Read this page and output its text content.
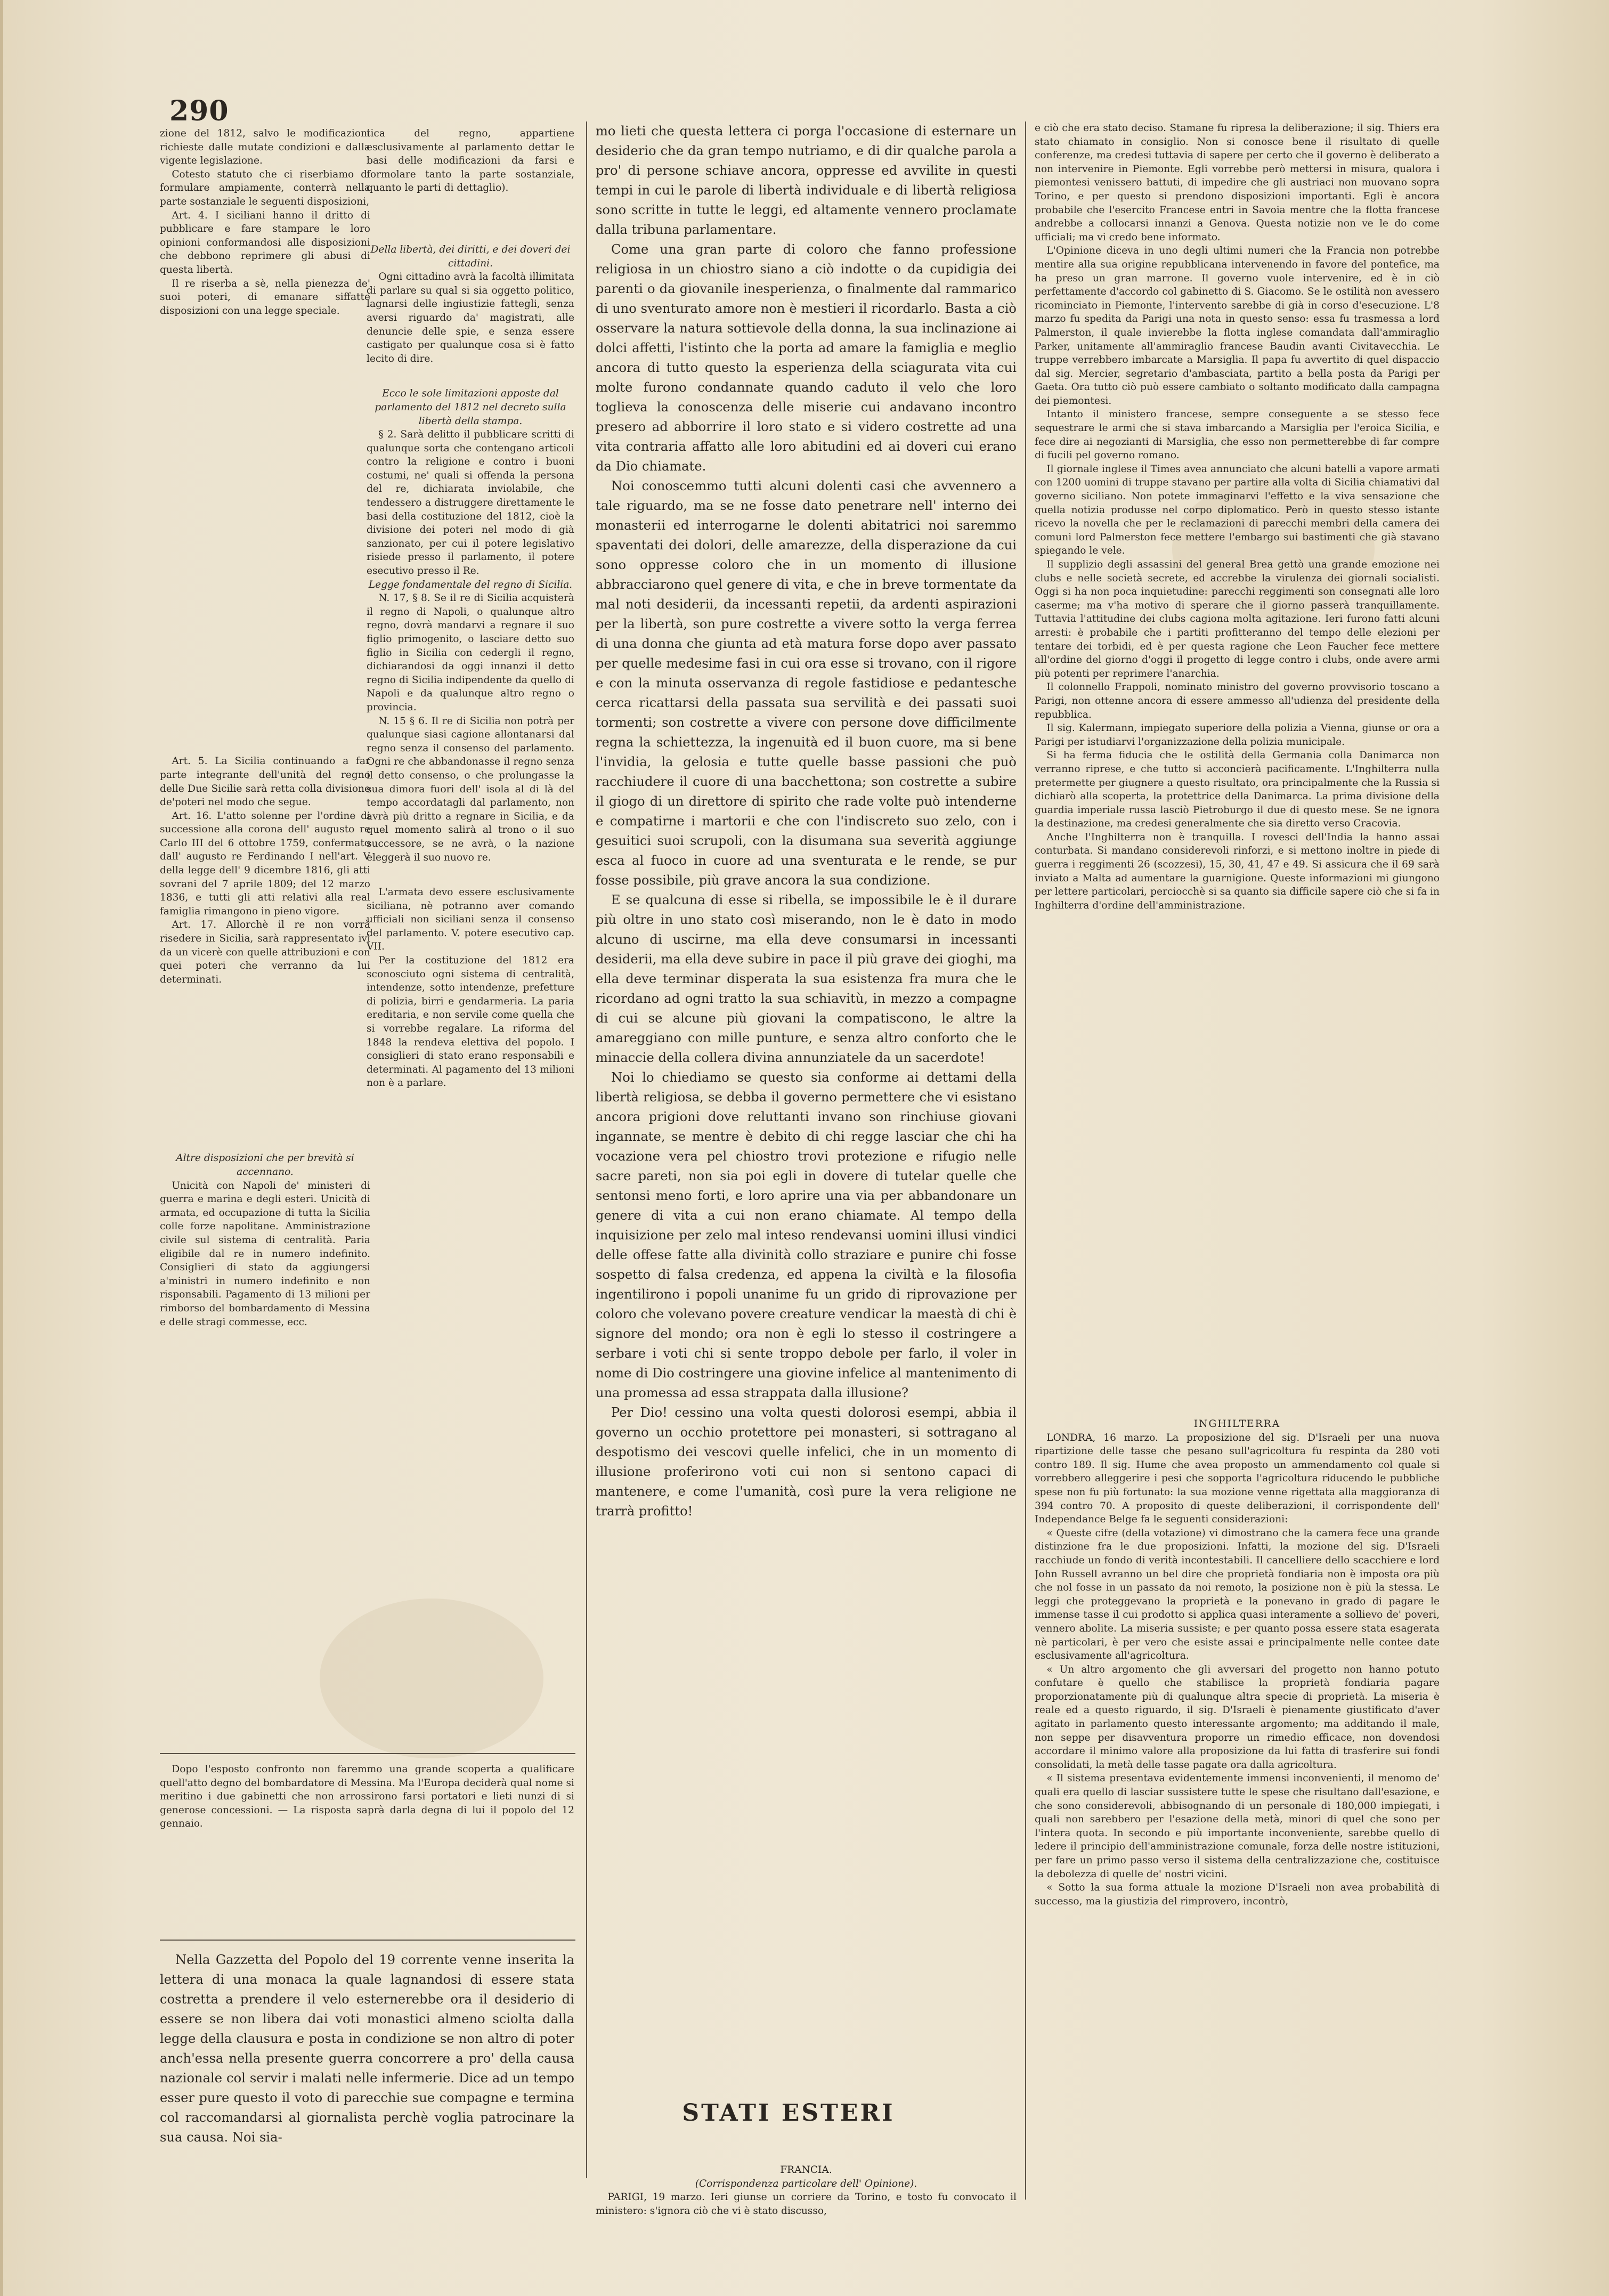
290

zione del 1812, salvo le modificazioni richieste dalle mutate condizioni e dalla vigente legislazione.

Cotesto statuto che ci riserbiamo di formulare ampiamente, conterrà nella parte sostanziale le seguenti disposizioni,

Art. 4. I siciliani hanno il dritto di pubblicare e fare stampare le loro opinioni conformandosi alle disposizioni che debbono reprimere gli abusi di questa libertà.

Il re riserba a sè, nella pienezza de' suoi poteri, di emanare siffatte disposizioni con una legge speciale.

Art. 5. La Sicilia continuando a far parte integrante dell'unità del regno delle Due Sicilie sarà retta colla divisione de'poteri nel modo che segue.

Art. 16. L'atto solenne per l'ordine di successione alla corona dell' augusto re Carlo III del 6 ottobre 1759, confermato dall' augusto re Ferdinando I nell'art. V della legge dell' 9 dicembre 1816, gli atti sovrani del 7 aprile 1809; del 12 marzo 1836, e tutti gli atti relativi alla real famiglia rimangono in pieno vigore.

Art. 17. Allorchè il re non vorrà risedere in Sicilia, sarà rappresentato ivi da un vicerè con quelle attribuzioni e con quei poteri che verranno da lui determinati.

Altre disposizioni che per brevità si accennano.

Unicità con Napoli de' ministeri di guerra e marina e degli esteri. Unicità di armata, ed occupazione di tutta la Sicilia colle forze napolitane. Amministrazione civile sul sistema di centralità. Paria eligibile dal re in numero indefinito. Consiglieri di stato da aggiungersi a'ministri in numero indefinito e non risponsabili. Pagamento di 13 milioni per rimborso del bombardamento di Messina e delle stragi commesse, ecc.

tica del regno, appartiene esclusivamente al parlamento dettar le basi delle modificazioni da farsi e formolare tanto la parte sostanziale, quanto le parti di dettaglio).

Della libertà, dei diritti, e dei doveri dei cittadini.

Ogni cittadino avrà la facoltà illimitata di parlare su qual si sia oggetto politico, lagnarsi delle ingiustizie fattegli, senza aversi riguardo da' magistrati, alle denuncie delle spie, e senza essere castigato per qualunque cosa si è fatto lecito di dire.

Ecco le sole limitazioni apposte dal parlamento del 1812 nel decreto sulla libertà della stampa.

§ 2. Sarà delitto il pubblicare scritti di qualunque sorta che contengano articoli contro la religione e contro i buoni costumi, ne' quali si offenda la persona del re, dichiarata inviolabile, che tendessero a distruggere direttamente le basi della costituzione del 1812, cioè la divisione dei poteri nel modo di già sanzionato, per cui il potere legislativo risiede presso il parlamento, il potere esecutivo presso il Re.

Legge fondamentale del regno di Sicilia.

N. 17, § 8. Se il re di Sicilia acquisterà il regno di Napoli, o qualunque altro regno, dovrà mandarvi a regnare il suo figlio primogenito, o lasciare detto suo figlio in Sicilia con cedergli il regno, dichiarandosi da oggi innanzi il detto regno di Sicilia indipendente da quello di Napoli e da qualunque altro regno o provincia.

N. 15 § 6. Il re di Sicilia non potrà per qualunque siasi cagione allontanarsi dal regno senza il consenso del parlamento. Ogni re che abbandonasse il regno senza il detto consenso, o che prolungasse la sua dimora fuori dell' isola al di là del tempo accordatagli dal parlamento, non avrà più dritto a regnare in Sicilia, e da quel momento salirà al trono o il suo successore, se ne avrà, o la nazione eleggerà il suo nuovo re.

L'armata devo essere esclusivamente siciliana, nè potranno aver comando ufficiali non siciliani senza il consenso del parlamento. V. potere esecutivo cap. VII.

Per la costituzione del 1812 era sconosciuto ogni sistema di centralità, intendenze, sotto intendenze, prefetture di polizia, birri e gendarmeria. La paria ereditaria, e non servile come quella che si vorrebbe regalare. La riforma del 1848 la rendeva elettiva del popolo. I consiglieri di stato erano responsabili e determinati. Al pagamento del 13 milioni non è a parlare.

Dopo l'esposto confronto non faremmo una grande scoperta a qualificare quell'atto degno del bombardatore di Messina. Ma l'Europa deciderà qual nome si meritino i due gabinetti che non arrossirono farsi portatori e lieti nunzi di si generose concessioni. — La risposta saprà darla degna di lui il popolo del 12 gennaio.

Nella Gazzetta del Popolo del 19 corrente venne inserita la lettera di una monaca la quale lagnandosi di essere stata costretta a prendere il velo esternerebbe ora il desiderio di essere se non libera dai voti monastici almeno sciolta dalla legge della clausura e posta in condizione se non altro di poter anch'essa nella presente guerra concorrere a pro' della causa nazionale col servir i malati nelle infermerie. Dice ad un tempo esser pure questo il voto di parecchie sue compagne e termina col raccomandarsi al giornalista perchè voglia patrocinare la sua causa. Noi sia-

mo lieti che questa lettera ci porga l'occasione di esternare un desiderio che da gran tempo nutriamo, e di dir qualche parola a pro' di persone schiave ancora, oppresse ed avvilite in questi tempi in cui le parole di libertà individuale e di libertà religiosa sono scritte in tutte le leggi, ed altamente vennero proclamate dalla tribuna parlamentare.

Come una gran parte di coloro che fanno professione religiosa in un chiostro siano a ciò indotte o da cupidigia dei parenti o da giovanile inesperienza, o finalmente dal rammarico di uno sventurato amore non è mestieri il ricordarlo. Basta a ciò osservare la natura sottievole della donna, la sua inclinazione ai dolci affetti, l'istinto che la porta ad amare la famiglia e meglio ancora di tutto questo la esperienza della sciagurata vita cui molte furono condannate quando caduto il velo che loro toglieva la conoscenza delle miserie cui andavano incontro presero ad abborrire il loro stato e si videro costrette ad una vita contraria affatto alle loro abitudini ed ai doveri cui erano da Dio chiamate.

Noi conoscemmo tutti alcuni dolenti casi che avvennero a tale riguardo, ma se ne fosse dato penetrare nell' interno dei monasterii ed interrogarne le dolenti abitatrici noi saremmo spaventati dei dolori, delle amarezze, della disperazione da cui sono oppresse coloro che in un momento di illusione abbracciarono quel genere di vita, e che in breve tormentate da mal noti desiderii, da incessanti repetii, da ardenti aspirazioni per la libertà, son pure costrette a vivere sotto la verga ferrea di una donna che giunta ad età matura forse dopo aver passato per quelle medesime fasi in cui ora esse si trovano, con il rigore e con la minuta osservanza di regole fastidiose e pedantesche cerca ricattarsi della passata sua servilità e dei passati suoi tormenti; son costrette a vivere con persone dove difficilmente regna la schiettezza, la ingenuità ed il buon cuore, ma si bene l'invidia, la gelosia e tutte quelle basse passioni che può racchiudere il cuore di una bacchettona; son costrette a subire il giogo di un direttore di spirito che rade volte può intenderne e compatirne i martorii e che con l'indiscreto suo zelo, con i gesuitici suoi scrupoli, con la disumana sua severità aggiunge esca al fuoco in cuore ad una sventurata e le rende, se pur fosse possibile, più grave ancora la sua condizione.

E se qualcuna di esse si ribella, se impossibile le è il durare più oltre in uno stato così miserando, non le è dato in modo alcuno di uscirne, ma ella deve consumarsi in incessanti desiderii, ma ella deve subire in pace il più grave dei gioghi, ma ella deve terminar disperata la sua esistenza fra mura che le ricordano ad ogni tratto la sua schiavitù, in mezzo a compagne di cui se alcune più giovani la compatiscono, le altre la amareggiano con mille punture, e senza altro conforto che le minaccie della collera divina annunziatele da un sacerdote!

Noi lo chiediamo se questo sia conforme ai dettami della libertà religiosa, se debba il governo permettere che vi esistano ancora prigioni dove reluttanti invano son rinchiuse giovani ingannate, se mentre è debito di chi regge lasciar che chi ha vocazione vera pel chiostro trovi protezione e rifugio nelle sacre pareti, non sia poi egli in dovere di tutelar quelle che sentonsi meno forti, e loro aprire una via per abbandonare un genere di vita a cui non erano chiamate. Al tempo della inquisizione per zelo mal inteso rendevansi uomini illusi vindici delle offese fatte alla divinità collo straziare e punire chi fosse sospetto di falsa credenza, ed appena la civiltà e la filosofia ingentilirono i popoli unanime fu un grido di riprovazione per coloro che volevano povere creature vendicar la maestà di chi è signore del mondo; ora non è egli lo stesso il costringere a serbare i voti chi si sente troppo debole per farlo, il voler in nome di Dio costringere una giovine infelice al mantenimento di una promessa ad essa strappata dalla illusione?

Per Dio! cessino una volta questi dolorosi esempi, abbia il governo un occhio protettore pei monasteri, si sottragano al despotismo dei vescovi quelle infelici, che in un momento di illusione proferirono voti cui non si sentono capaci di mantenere, e come l'umanità, così pure la vera religione ne trarrà profitto!

STATI ESTERI

FRANCIA.

(Corrispondenza particolare dell' Opinione).

PARIGI, 19 marzo. Ieri giunse un corriere da Torino, e tosto fu convocato il ministero: s'ignora ciò che vi è stato discusso,

e ciò che era stato deciso. Stamane fu ripresa la deliberazione; il sig. Thiers era stato chiamato in consiglio. Non si conosce bene il risultato di quelle conferenze, ma credesi tuttavia di sapere per certo che il governo è deliberato a non intervenire in Piemonte. Egli vorrebbe però mettersi in misura, qualora i piemontesi venissero battuti, di impedire che gli austriaci non muovano sopra Torino, e per questo si prendono disposizioni importanti. Egli è ancora probabile che l'esercito Francese entri in Savoia mentre che la flotta francese andrebbe a collocarsi innanzi a Genova. Questa notizie non ve le do come ufficiali; ma vi credo bene informato.

L'Opinione diceva in uno degli ultimi numeri che la Francia non potrebbe mentire alla sua origine repubblicana intervenendo in favore del pontefice, ma ha preso un gran marrone. Il governo vuole intervenire, ed è in ciò perfettamente d'accordo col gabinetto di S. Giacomo. Se le ostilità non avessero ricominciato in Piemonte, l'intervento sarebbe di già in corso d'esecuzione. L'8 marzo fu spedita da Parigi una nota in questo senso: essa fu trasmessa a lord Palmerston, il quale invierebbe la flotta inglese comandata dall'ammiraglio Parker, unitamente all'ammiraglio francese Baudin avanti Civitavecchia. Le truppe verrebbero imbarcate a Marsiglia. Il papa fu avvertito di quel dispaccio dal sig. Mercier, segretario d'ambasciata, partito a bella posta da Parigi per Gaeta. Ora tutto ciò può essere cambiato o soltanto modificato dalla campagna dei piemontesi.

Intanto il ministero francese, sempre conseguente a se stesso fece sequestrare le armi che si stava imbarcando a Marsiglia per l'eroica Sicilia, e fece dire ai negozianti di Marsiglia, che esso non permetterebbe di far compre di fucili pel governo romano.

Il giornale inglese il Times avea annunciato che alcuni batelli a vapore armati con 1200 uomini di truppe stavano per partire alla volta di Sicilia chiamativi dal governo siciliano. Non potete immaginarvi l'effetto e la viva sensazione che quella notizia produsse nel corpo diplomatico. Però in questo stesso istante ricevo la novella che per le reclamazioni di parecchi membri della camera dei comuni lord Palmerston fece mettere l'embargo sui bastimenti che già stavano spiegando le vele.

Il supplizio degli assassini del general Brea gettò una grande emozione nei clubs e nelle società secrete, ed accrebbe la virulenza dei giornali socialisti. Oggi si ha non poca inquietudine: parecchi reggimenti son consegnati alle loro caserme; ma v'ha motivo di sperare che il giorno passerà tranquillamente. Tuttavia l'attitudine dei clubs cagiona molta agitazione. Ieri furono fatti alcuni arresti: è probabile che i partiti profitteranno del tempo delle elezioni per tentare dei torbidi, ed è per questa ragione che Leon Faucher fece mettere all'ordine del giorno d'oggi il progetto di legge contro i clubs, onde avere armi più potenti per reprimere l'anarchia.

Il colonnello Frappoli, nominato ministro del governo provvisorio toscano a Parigi, non ottenne ancora di essere ammesso all'udienza del presidente della repubblica.

Il sig. Kalermann, impiegato superiore della polizia a Vienna, giunse or ora a Parigi per istudiarvi l'organizzazione della polizia municipale.

Si ha ferma fiducia che le ostilità della Germania colla Danimarca non verranno riprese, e che tutto si acconcierà pacificamente. L'Inghilterra nulla pretermette per giugnere a questo risultato, ora principalmente che la Russia si dichiarò alla scoperta, la protettrice della Danimarca. La prima divisione della guardia imperiale russa lasciò Pietroburgo il due di questo mese. Se ne ignora la destinazione, ma credesi generalmente che sia diretto verso Cracovia.

Anche l'Inghilterra non è tranquilla. I rovesci dell'India la hanno assai conturbata. Si mandano considerevoli rinforzi, e si mettono inoltre in piede di guerra i reggimenti 26 (scozzesi), 15, 30, 41, 47 e 49. Si assicura che il 69 sarà inviato a Malta ad aumentare la guarnigione. Queste informazioni mi giungono per lettere particolari, perciocchè si sa quanto sia difficile sapere ciò che si fa in Inghilterra d'ordine dell'amministrazione.

INGHILTERRA

LONDRA, 16 marzo. La proposizione del sig. D'Israeli per una nuova ripartizione delle tasse che pesano sull'agricoltura fu respinta da 280 voti contro 189. Il sig. Hume che avea proposto un ammendamento col quale si vorrebbero alleggerire i pesi che sopporta l'agricoltura riducendo le pubbliche spese non fu più fortunato: la sua mozione venne rigettata alla maggioranza di 394 contro 70. A proposito di queste deliberazioni, il corrispondente dell' Independance Belge fa le seguenti considerazioni:

« Queste cifre (della votazione) vi dimostrano che la camera fece una grande distinzione fra le due proposizioni. Infatti, la mozione del sig. D'Israeli racchiude un fondo di verità incontestabili. Il cancelliere dello scacchiere e lord John Russell avranno un bel dire che proprietà fondiaria non è imposta ora più che nol fosse in un passato da noi remoto, la posizione non è più la stessa. Le leggi che proteggevano la proprietà e la ponevano in grado di pagare le immense tasse il cui prodotto si applica quasi interamente a sollievo de' poveri, vennero abolite. La miseria sussiste; e per quanto possa essere stata esagerata nè particolari, è per vero che esiste assai e principalmente nelle contee date esclusivamente all'agricoltura.

« Un altro argomento che gli avversari del progetto non hanno potuto confutare è quello che stabilisce la proprietà fondiaria pagare proporzionatamente più di qualunque altra specie di proprietà. La miseria è reale ed a questo riguardo, il sig. D'Israeli è pienamente giustificato d'aver agitato in parlamento questo interessante argomento; ma additando il male, non seppe per disavventura proporre un rimedio efficace, non dovendosi accordare il minimo valore alla proposizione da lui fatta di trasferire sui fondi consolidati, la metà delle tasse pagate ora dalla agricoltura.

« Il sistema presentava evidentemente immensi inconvenienti, il menomo de' quali era quello di lasciar sussistere tutte le spese che risultano dall'esazione, e che sono considerevoli, abbisognando di un personale di 180,000 impiegati, i quali non sarebbero per l'esazione della metà, minori di quel che sono per l'intera quota. In secondo e più importante inconveniente, sarebbe quello di ledere il principio dell'amministrazione comunale, forza delle nostre istituzioni, per fare un primo passo verso il sistema della centralizzazione che, costituisce la debolezza di quelle de' nostri vicini.

« Sotto la sua forma attuale la mozione D'Israeli non avea probabilità di successo, ma la giustizia del rimprovero, incontrò,
